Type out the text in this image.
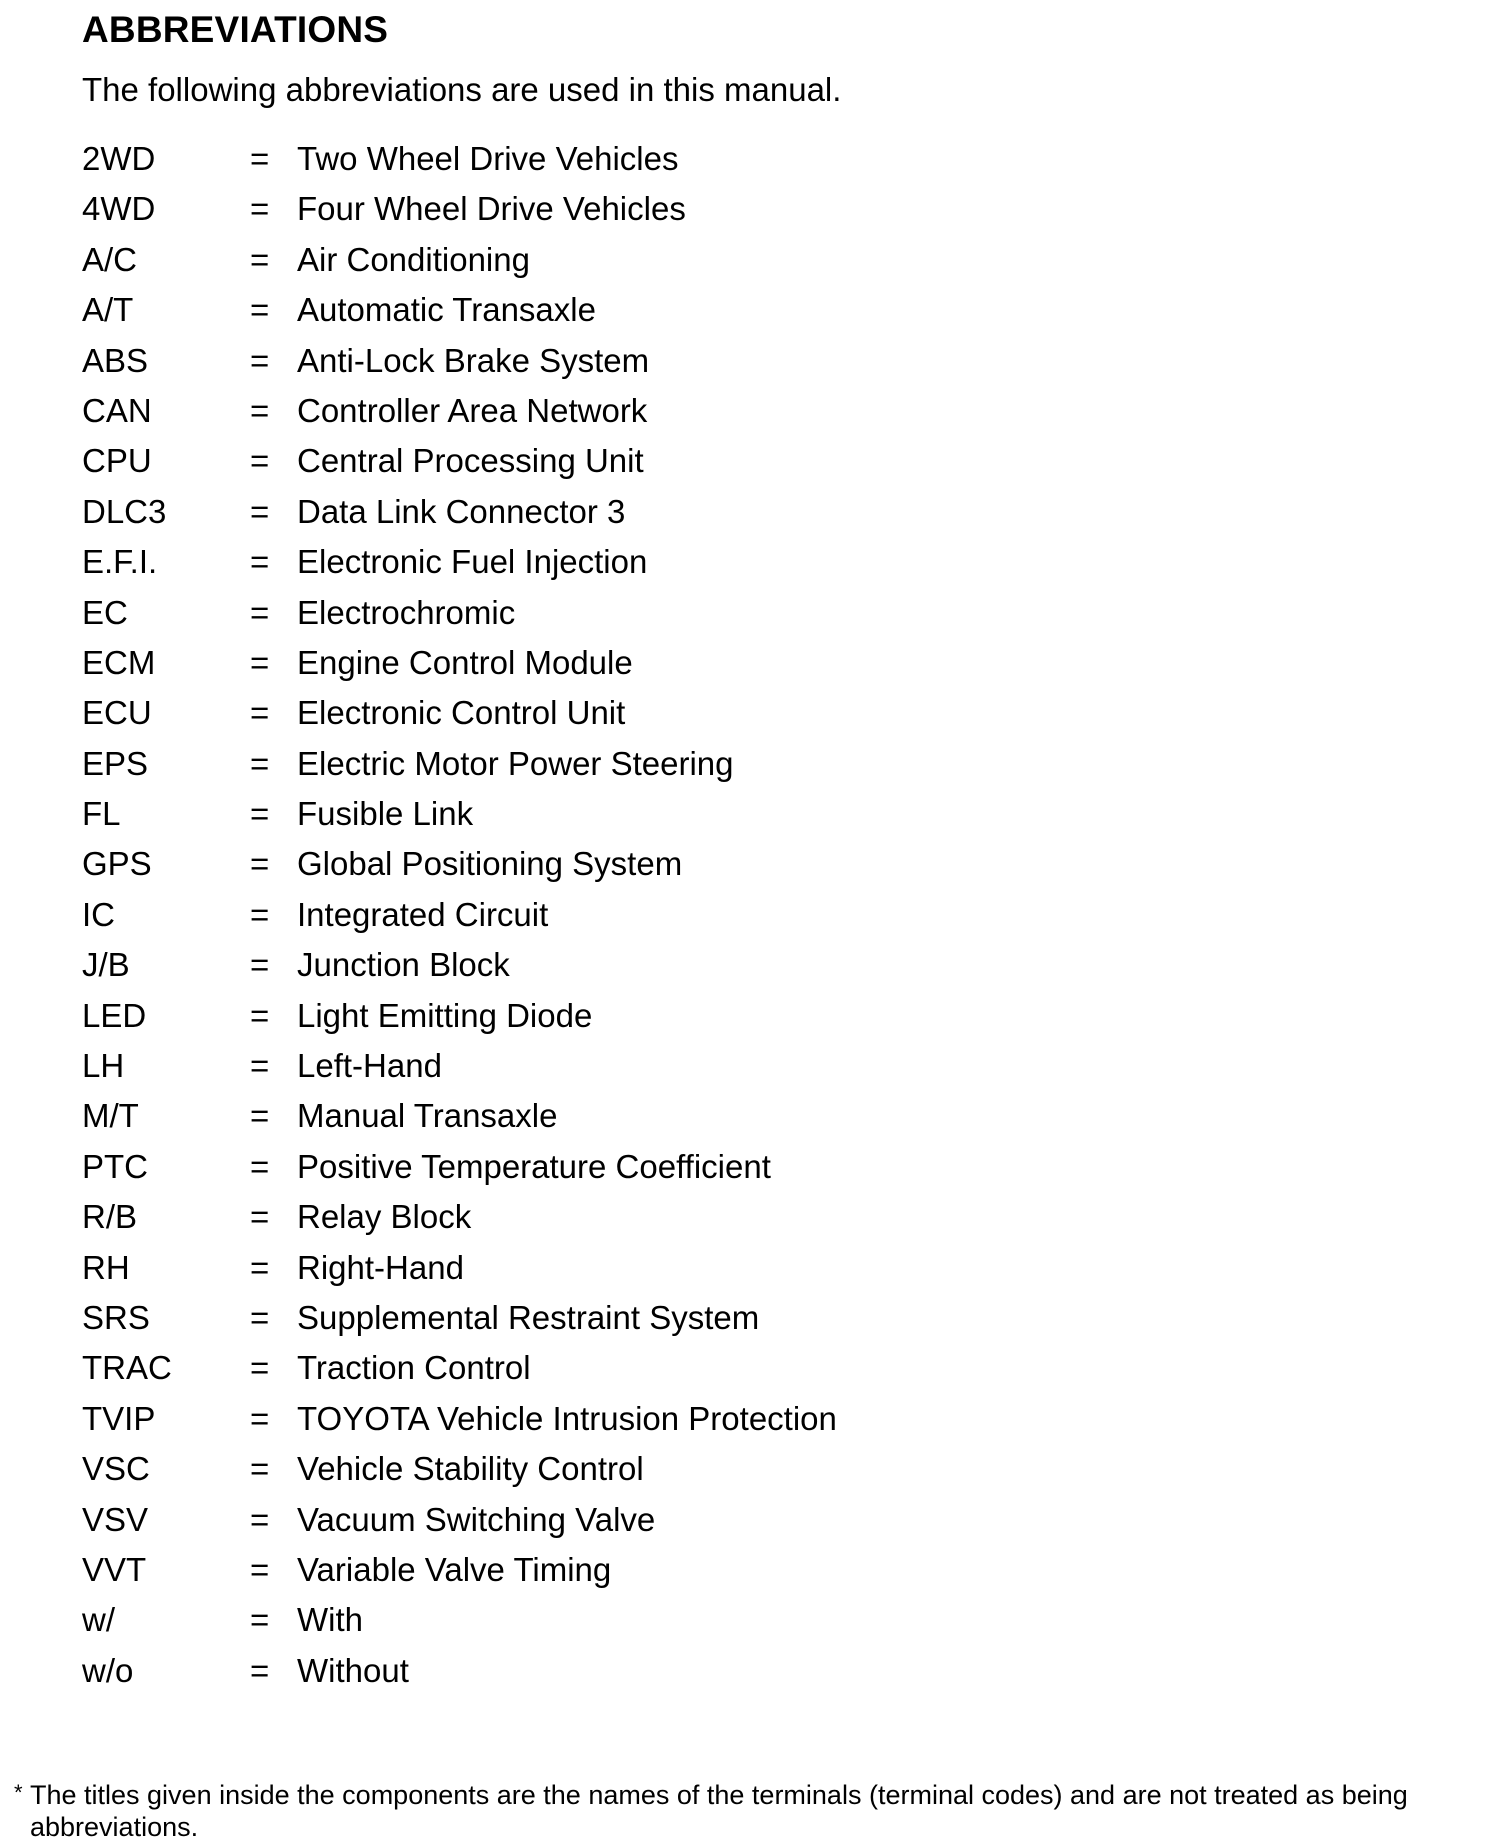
ABBREVIATIONS
The following abbreviations are used in this manual.
2WD	= Two Wheel Drive Vehicles
4WD	= Four Wheel Drive Vehicles
A/C	= Air Conditioning
A/T	= Automatic Transaxle
ABS	= Anti-Lock Brake System
CAN	= Controller Area Network
CPU	= Central Processing Unit
DLC3	= Data Link Connector 3
E.F.I.	= Electronic Fuel Injection
EC	= Electrochromic
ECM	= Engine Control Module
ECU	= Electronic Control Unit
EPS	= Electric Motor Power Steering
FL	= Fusible Link
GPS	= Global Positioning System
IC	= Integrated Circuit
J/B	= Junction Block
LED	= Light Emitting Diode
LH	= Left-Hand
M/T	= Manual Transaxle
PTC	= Positive Temperature Coefficient
R/B	= Relay Block
RH	= Right-Hand
SRS	= Supplemental Restraint System
TRAC	= Traction Control
TVIP	= TOYOTA Vehicle Intrusion Protection
VSC	= Vehicle Stability Control
VSV	= Vacuum Switching Valve
VVT	= Variable Valve Timing
w/	= With
w/o	= Without
* The titles given inside the components are the names of the terminals (terminal codes) and are not treated as being abbreviations.
